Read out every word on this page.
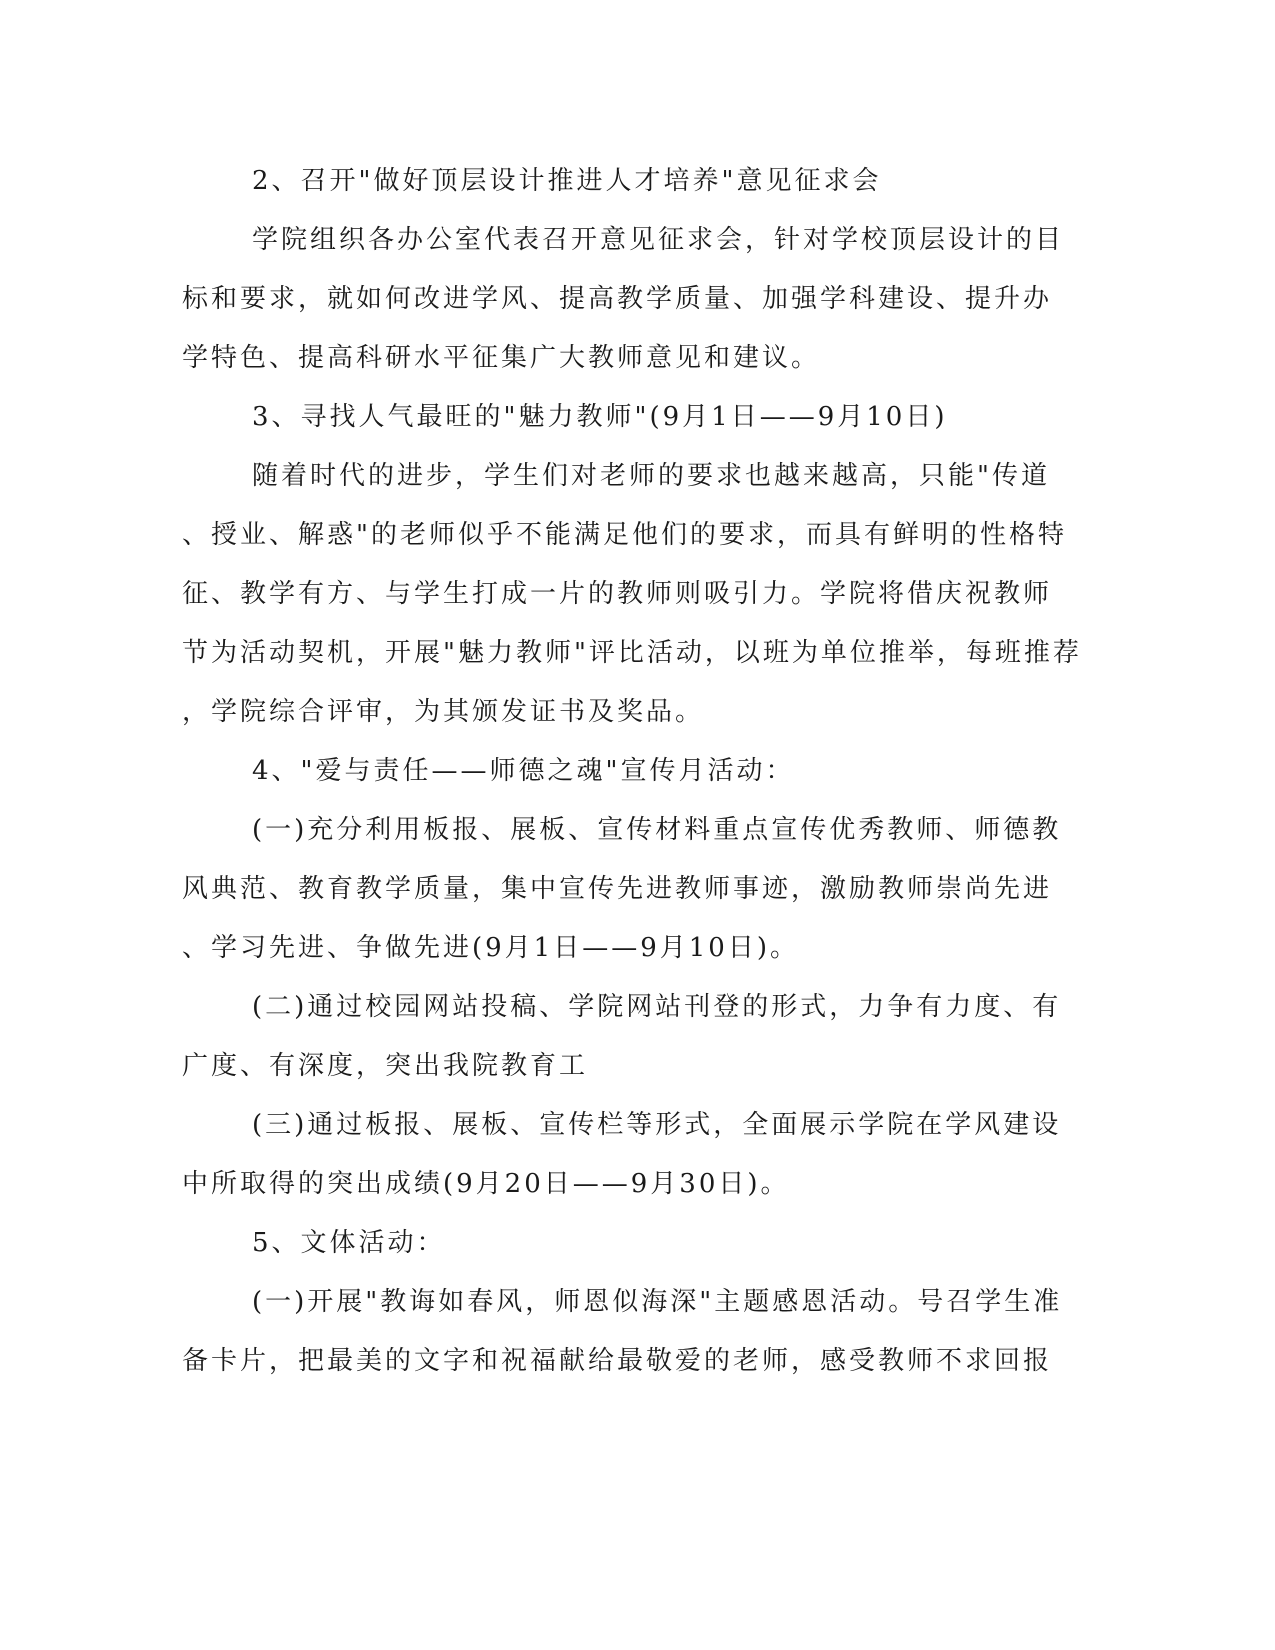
2、召开"做好顶层设计推进人才培养"意见征求会
学院组织各办公室代表召开意见征求会，针对学校顶层设计的目
标和要求，就如何改进学风、提高教学质量、加强学科建设、提升办
学特色、提高科研水平征集广大教师意见和建议。
3、寻找人气最旺的"魅力教师"(9月1日——9月10日)
随着时代的进步，学生们对老师的要求也越来越高，只能"传道
、授业、解惑"的老师似乎不能满足他们的要求，而具有鲜明的性格特
征、教学有方、与学生打成一片的教师则吸引力。学院将借庆祝教师
节为活动契机，开展"魅力教师"评比活动，以班为单位推举，每班推荐
，学院综合评审，为其颁发证书及奖品。
4、"爱与责任——师德之魂"宣传月活动：
(一)充分利用板报、展板、宣传材料重点宣传优秀教师、师德教
风典范、教育教学质量，集中宣传先进教师事迹，激励教师崇尚先进
、学习先进、争做先进(9月1日——9月10日)。
(二)通过校园网站投稿、学院网站刊登的形式，力争有力度、有
广度、有深度，突出我院教育工
(三)通过板报、展板、宣传栏等形式，全面展示学院在学风建设
中所取得的突出成绩(9月20日——9月30日)。
5、文体活动：
(一)开展"教诲如春风，师恩似海深"主题感恩活动。号召学生准
备卡片，把最美的文字和祝福献给最敬爱的老师，感受教师不求回报
